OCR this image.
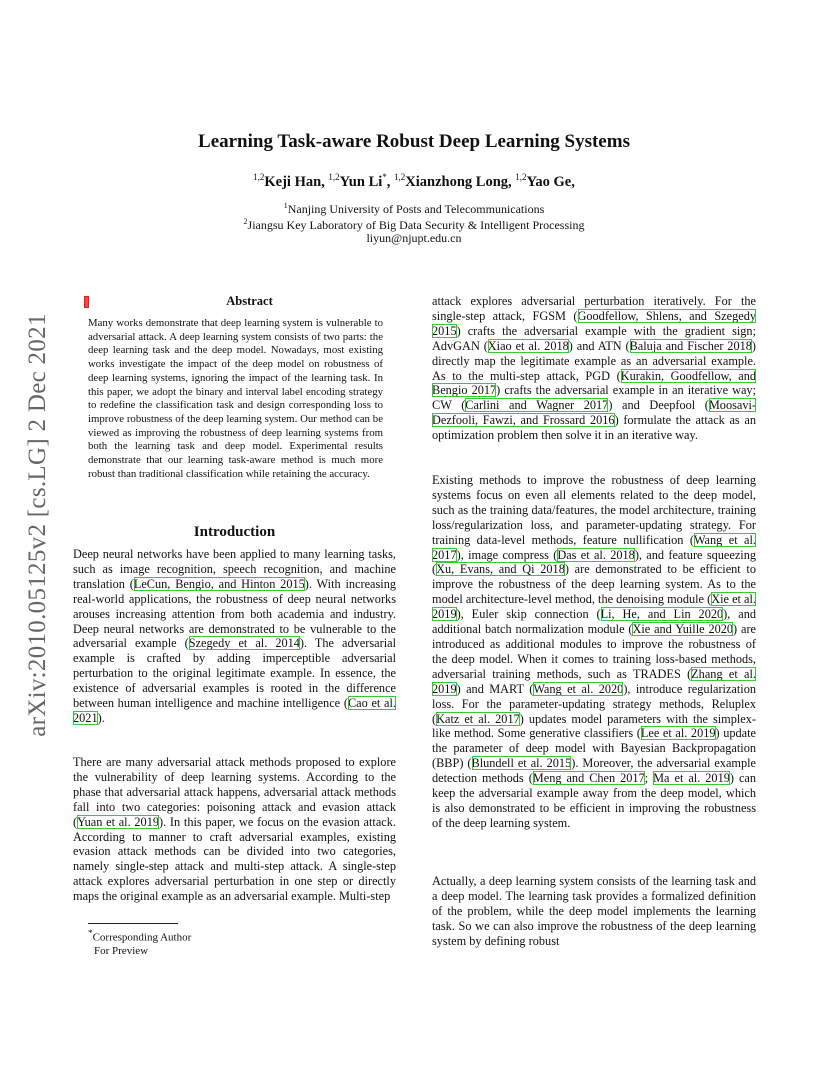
arXiv:2010.05125v2 [cs.LG] 2 Dec 2021
Learning Task-aware Robust Deep Learning Systems
$^{1,2}$Keji Han, $^{1,2}$Yun Li*, $^{1,2}$Xianzhong Long, $^{1,2}$Yao Ge,
$^1$Nanjing University of Posts and Telecommunications
$^2$Jiangsu Key Laboratory of Big Data Security & Intelligent Processing
liyun@njupt.edu.cn
Abstract
Many works demonstrate that deep learning system is vulnerable to adversarial attack. A deep learning system consists of two parts: the deep learning task and the deep model. Nowadays, most existing works investigate the impact of the deep model on robustness of deep learning systems, ignoring the impact of the learning task. In this paper, we adopt the binary and interval label encoding strategy to redefine the classification task and design corresponding loss to improve robustness of the deep learning system. Our method can be viewed as improving the robustness of deep learning systems from both the learning task and deep model. Experimental results demonstrate that our learning task-aware method is much more robust than traditional classification while retaining the accuracy.
Introduction

Deep neural networks have been applied to many learning tasks, such as image recognition, speech recognition, and machine translation (LeCun, Bengio, and Hinton 2015). With increasing real-world applications, the robustness of deep neural networks arouses increasing attention from both academia and industry. Deep neural networks are demonstrated to be vulnerable to the adversarial example (Szegedy et al. 2014). The adversarial example is crafted by adding imperceptible adversarial perturbation to the original legitimate example. In essence, the existence of adversarial examples is rooted in the difference between human intelligence and machine intelligence (Cao et al. 2021).

There are many adversarial attack methods proposed to explore the vulnerability of deep learning systems. According to the phase that adversarial attack happens, adversarial attack methods fall into two categories: poisoning attack and evasion attack (Yuan et al. 2019). In this paper, we focus on the evasion attack. According to manner to craft adversarial examples, existing evasion attack methods can be divided into two categories, namely single-step attack and multi-step attack. A single-step attack explores adversarial perturbation in one step or directly maps the original example as an adversarial example. Multi-step

attack explores adversarial perturbation iteratively. For the single-step attack, FGSM (Goodfellow, Shlens, and Szegedy 2015) crafts the adversarial example with the gradient sign; AdvGAN (Xiao et al. 2018) and ATN (Baluja and Fischer 2018) directly map the legitimate example as an adversarial example. As to the multi-step attack, PGD (Kurakin, Goodfellow, and Bengio 2017) crafts the adversarial example in an iterative way; CW (Carlini and Wagner 2017) and Deepfool (Moosavi-Dezfooli, Fawzi, and Frossard 2016) formulate the attack as an optimization problem then solve it in an iterative way.

Existing methods to improve the robustness of deep learning systems focus on even all elements related to the deep model, such as the training data/features, the model architecture, training loss/regularization loss, and parameter-updating strategy. For training data-level methods, feature nullification (Wang et al. 2017), image compress (Das et al. 2018), and feature squeezing (Xu, Evans, and Qi 2018) are demonstrated to be efficient to improve the robustness of the deep learning system. As to the model architecture-level method, the denoising module (Xie et al. 2019), Euler skip connection (Li, He, and Lin 2020), and additional batch normalization module (Xie and Yuille 2020) are introduced as additional modules to improve the robustness of the deep model. When it comes to training loss-based methods, adversarial training methods, such as TRADES (Zhang et al. 2019) and MART (Wang et al. 2020), introduce regularization loss. For the parameter-updating strategy methods, Reluplex (Katz et al. 2017) updates model parameters with the simplex-like method. Some generative classifiers (Lee et al. 2019) update the parameter of deep model with Bayesian Backpropagation (BBP) (Blundell et al. 2015). Moreover, the adversarial example detection methods (Meng and Chen 2017; Ma et al. 2019) can keep the adversarial example away from the deep model, which is also demonstrated to be efficient in improving the robustness of the deep learning system.

Actually, a deep learning system consists of the learning task and a deep model. The learning task provides a formalized definition of the problem, while the deep model implements the learning task. So we can also improve the robustness of the deep learning system by defining robust

*Corresponding Author
For Preview
